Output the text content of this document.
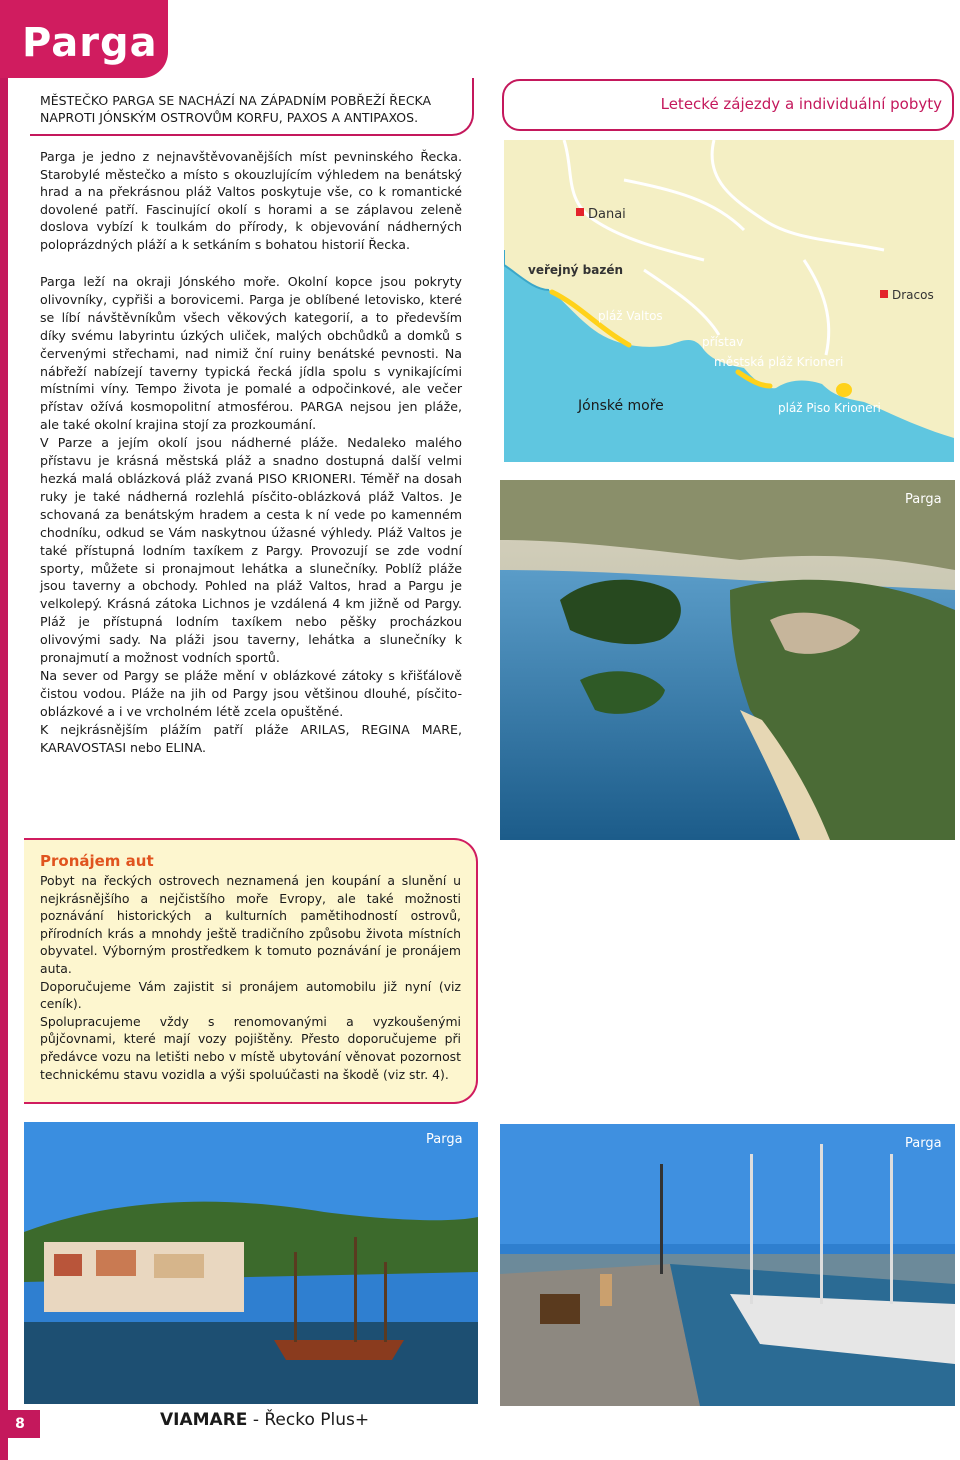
Parga
MĚSTEČKO PARGA SE NACHÁZÍ NA ZÁPADNÍM POBŘEŽÍ ŘECKA NAPROTI JÓNSKÝM OSTROVŮM KORFU, PAXOS A ANTIPAXOS.
Letecké zájezdy a individuální pobyty
Parga je jedno z nejnavštěvovanějších míst pevninského Řecka. Starobylé městečko a místo s okouzlujícím výhledem na benátský hrad a na překrásnou pláž Valtos poskytuje vše, co k romantické dovolené patří. Fascinující okolí s horami a se záplavou zeleně doslova vybízí k toulkám do přírody, k objevování nádherných poloprázdných pláží a k setkáním s bohatou historií Řecka.

Parga leží na okraji Jónského moře. Okolní kopce jsou pokryty olivovníky, cypřiši a borovicemi. Parga je oblíbené letovisko, které se líbí návštěvníkům všech věkových kategorií, a to především díky svému labyrintu úzkých uliček, malých obchůdků a domků s červenými střechami, nad nimiž ční ruiny benátské pevnosti. Na nábřeží nabízejí taverny typická řecká jídla spolu s vynikajícími místními víny. Tempo života je pomalé a odpočinkové, ale večer přístav ožívá kosmopolitní atmosférou. PARGA nejsou jen pláže, ale také okolní krajina stojí za prozkoumání.

V Parze a jejím okolí jsou nádherné pláže. Nedaleko malého přístavu je krásná městská pláž a snadno dostupná další velmi hezká malá oblázková pláž zvaná PISO KRIONERI. Téměř na dosah ruky je také nádherná rozlehlá písčito-oblázková pláž Valtos. Je schovaná za benátským hradem a cesta k ní vede po kamenném chodníku, odkud se Vám naskytnou úžasné výhledy. Pláž Valtos je také přístupná lodním taxíkem z Pargy. Provozují se zde vodní sporty, můžete si pronajmout lehátka a slunečníky. Poblíž pláže jsou taverny a obchody. Pohled na pláž Valtos, hrad a Pargu je velkolepý. Krásná zátoka Lichnos je vzdálená 4 km jižně od Pargy. Pláž je přístupná lodním taxíkem nebo pěšky procházkou olivovými sady. Na pláži jsou taverny, lehátka a slunečníky k pronajmutí a možnost vodních sportů.

Na sever od Pargy se pláže mění v oblázkové zátoky s křišťálově čistou vodou. Pláže na jih od Pargy jsou většinou dlouhé, písčito-oblázkové a i ve vrcholném létě zcela opuštěné.

K nejkrásnějším plážím patří pláže ARILAS, REGINA MARE, KARAVOSTASI nebo ELINA.

Danai
Dracos
veřejný bazén
pláž Valtos
přístav
městská pláž Krioneri
Jónské moře	pláž Piso Krioneri
Parga
Pronájem aut

Pobyt na řeckých ostrovech neznamená jen koupání a slunění u nejkrásnějšího a nejčistšího moře Evropy, ale také možnosti poznávání historických a kulturních pamětihodností ostrovů, přírodních krás a mnohdy ještě tradičního způsobu života místních obyvatel. Výborným prostředkem k tomuto poznávání je pronájem auta.

Doporučujeme Vám zajistit si pronájem automobilu již nyní (viz ceník).

Spolupracujeme vždy s renomovanými a vyzkoušenými půjčovnami, které mají vozy pojištěny. Přesto doporučujeme při předávce vozu na letišti nebo v místě ubytování věnovat pozornost technickému stavu vozidla a výši spoluúčasti na škodě (viz str. 4).

Parga	Parga
8	VIAMARE - Řecko Plus+
